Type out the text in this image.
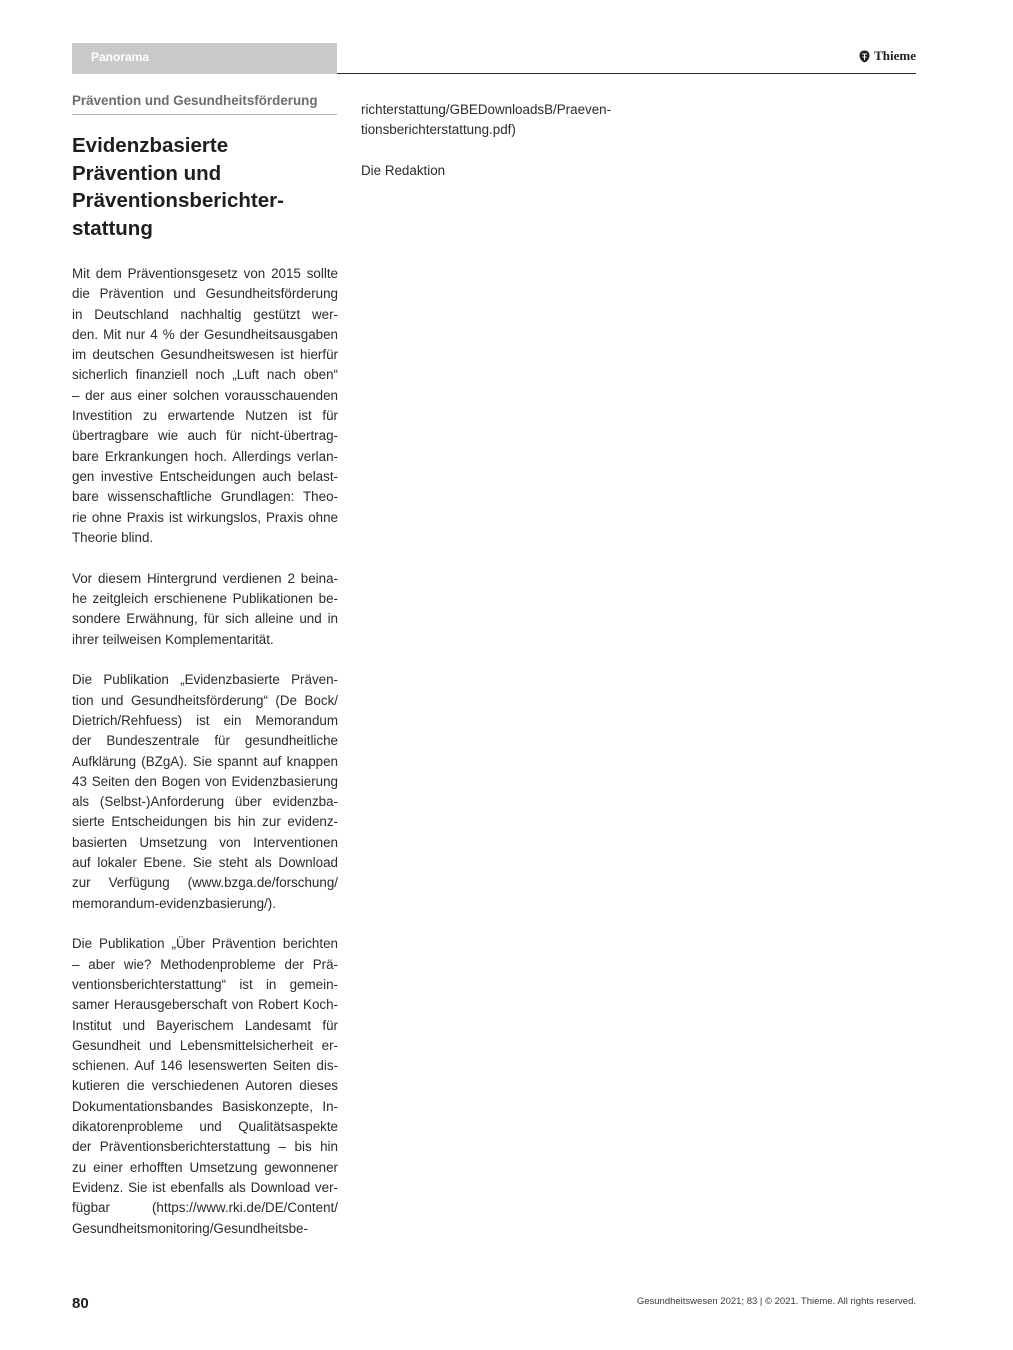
Panorama	Thieme
Prävention und Gesundheitsförderung
Evidenzbasierte
Prävention und
Präventionsberichter-
stattung
Mit dem Präventionsgesetz von 2015 sollte
die Prävention und Gesundheitsförderung
in Deutschland nachhaltig gestützt wer-
den. Mit nur 4 % der Gesundheitsausgaben
im deutschen Gesundheitswesen ist hierfür
sicherlich finanziell noch „Luft nach oben“
– der aus einer solchen vorausschauenden
Investition zu erwartende Nutzen ist für
übertragbare wie auch für nicht-übertrag-
bare Erkrankungen hoch. Allerdings verlan-
gen investive Entscheidungen auch belast-
bare wissenschaftliche Grundlagen: Theo-
rie ohne Praxis ist wirkungslos, Praxis ohne
Theorie blind.
Vor diesem Hintergrund verdienen 2 beina-
he zeitgleich erschienene Publikationen be-
sondere Erwähnung, für sich alleine und in
ihrer teilweisen Komplementarität.
Die Publikation „Evidenzbasierte Präven-
tion und Gesundheitsförderung“ (De Bock/
Dietrich/Rehfuess) ist ein Memorandum
der Bundeszentrale für gesundheitliche
Aufklärung (BZgA). Sie spannt auf knappen
43 Seiten den Bogen von Evidenzbasierung
als (Selbst-)Anforderung über evidenzba-
sierte Entscheidungen bis hin zur evidenz-
basierten Umsetzung von Interventionen
auf lokaler Ebene. Sie steht als Download
zur Verfügung (www.bzga.de/forschung/
memorandum-evidenzbasierung/).
Die Publikation „Über Prävention berichten
– aber wie? Methodenprobleme der Prä-
ventionsberichterstattung“ ist in gemein-
samer Herausgeberschaft von Robert Koch-
Institut und Bayerischem Landesamt für
Gesundheit und Lebensmittelsicherheit er-
schienen. Auf 146 lesenswerten Seiten dis-
kutieren die verschiedenen Autoren dieses
Dokumentationsbandes Basiskonzepte, In-
dikatorenprobleme und Qualitätsaspekte
der Präventionsberichterstattung – bis hin
zu einer erhofften Umsetzung gewonnener
Evidenz. Sie ist ebenfalls als Download ver-
fügbar (https://www.rki.de/DE/Content/
Gesundheitsmonitoring/Gesundheitsbe-
richterstattung/GBEDownloadsB/Praeven-
tionsberichterstattung.pdf)
Die Redaktion
80	Gesundheitswesen 2021; 83 | © 2021. Thieme. All rights reserved.
